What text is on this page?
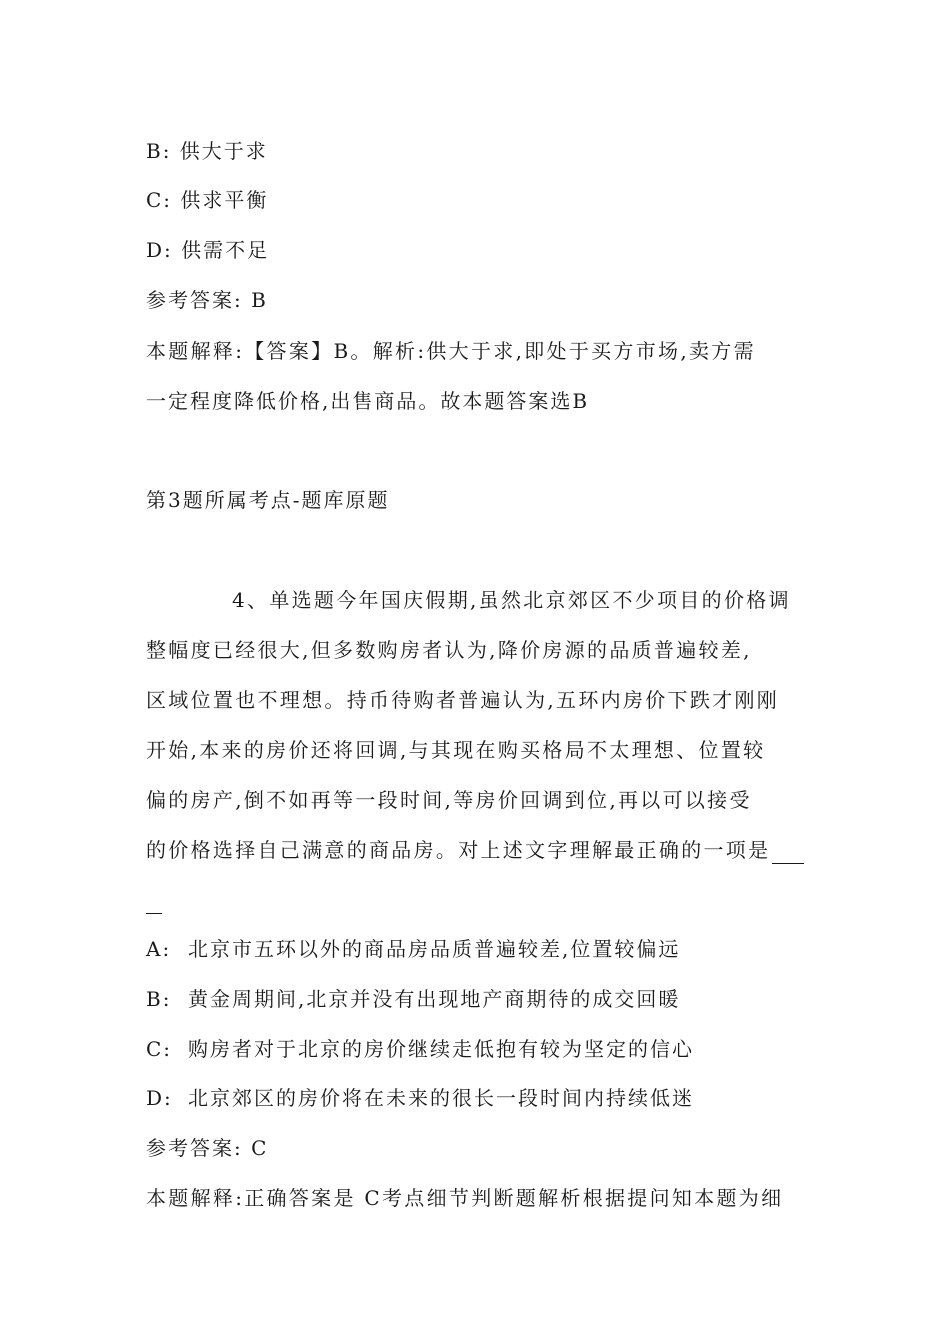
B: 供大于求
C: 供求平衡
D: 供需不足
参考答案: B
本题解释:【答案】B。解析:供大于求,即处于买方市场,卖方需
一定程度降低价格,出售商品。故本题答案选B
第3题所属考点-题库原题
4、单选题今年国庆假期,虽然北京郊区不少项目的价格调
整幅度已经很大,但多数购房者认为,降价房源的品质普遍较差,
区域位置也不理想。持币待购者普遍认为,五环内房价下跌才刚刚
开始,本来的房价还将回调,与其现在购买格局不太理想、位置较
偏的房产,倒不如再等一段时间,等房价回调到位,再以可以接受
的价格选择自己满意的商品房。对上述文字理解最正确的一项是
A: 北京市五环以外的商品房品质普遍较差,位置较偏远
B: 黄金周期间,北京并没有出现地产商期待的成交回暖
C: 购房者对于北京的房价继续走低抱有较为坚定的信心
D: 北京郊区的房价将在未来的很长一段时间内持续低迷
参考答案: C
本题解释:正确答案是 C考点细节判断题解析根据提问知本题为细
